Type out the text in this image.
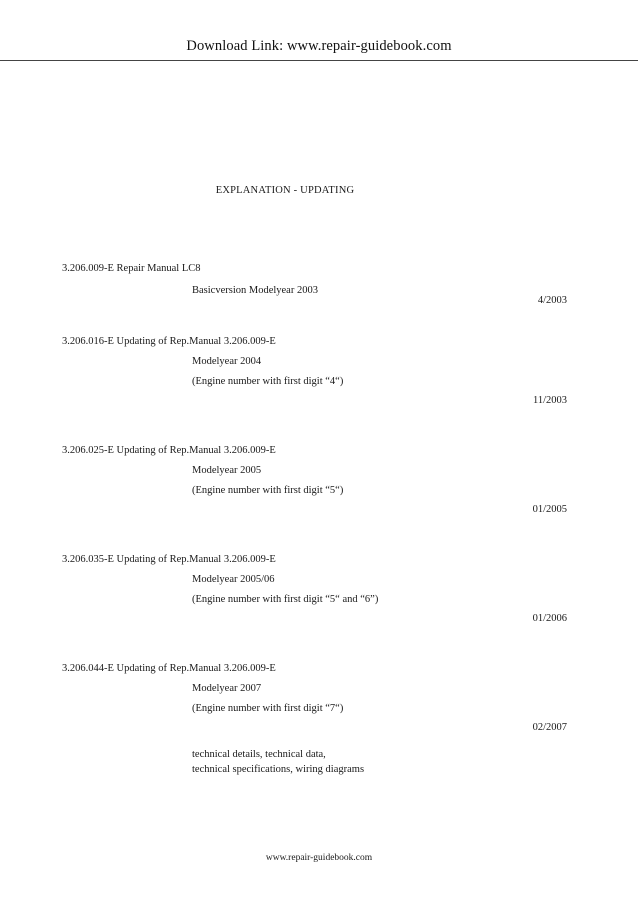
Download Link: www.repair-guidebook.com
EXPLANATION - UPDATING
3.206.009-E Repair Manual LC8
Basicversion Modelyear 2003
4/2003
3.206.016-E Updating of Rep.Manual 3.206.009-E
Modelyear 2004
(Engine number with first digit “4“)
11/2003
3.206.025-E Updating of Rep.Manual 3.206.009-E
Modelyear 2005
(Engine number with first digit “5“)
01/2005
3.206.035-E Updating of Rep.Manual 3.206.009-E
Modelyear 2005/06
(Engine number with first digit “5“ and “6”)
01/2006
3.206.044-E Updating of Rep.Manual 3.206.009-E
Modelyear 2007
(Engine number with first digit “7“)
02/2007
technical details, technical data,
technical specifications, wiring diagrams
www.repair-guidebook.com
